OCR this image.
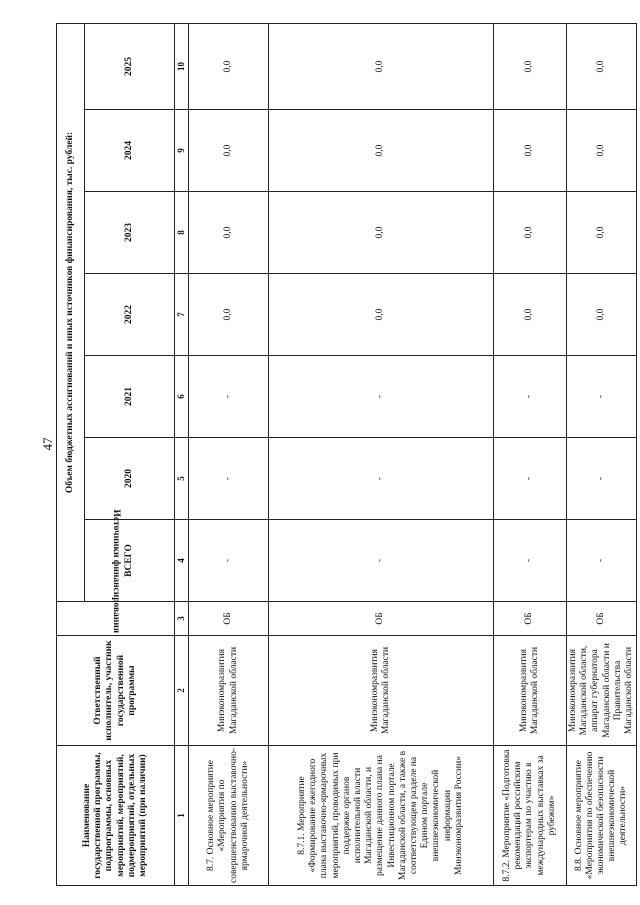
47
Наименование государственной программы, подпрограммы, основных мероприятий, мероприятий, подмероприятий, отдельных мероприятий (при наличии)	Ответственный исполнитель, участник государственной программы	Источники финансирования	Объем бюджетных ассигнований и иных источников финансирования, тыс. рублей:						
			ВСЕГО	2020	2021	2022	2023	2024	2025
1	2	3	4	5	6	7	8	9	10
8.7. Основное мероприятие «Мероприятия по совершенствованию выставочно-ярмарочной деятельности»	Минэкономразвития Магаданской области	ОБ	-	-	-	0,0	0,0	0,0	0,0
8.7.1. Мероприятие «Формирование ежегодного плана выставочно-ярмарочных мероприятий, проводимых при поддержке органов исполнительной власти Магаданской области, и размещение данного плана на Инвестиционном портале Магаданской области, а также в соответствующем разделе на Едином портале внешнеэкономической информации Минэкономразвития России»	Минэкономразвития Магаданской области	ОБ	-	-	-	0,0	0,0	0,0	0,0
8.7.2. Мероприятие «Подготовка рекомендаций российским экспортерам по участию в международных выставках за рубежом»	Минэкономразвития Магаданской области	ОБ	-	-	-	0,0	0,0	0,0	0,0
8.8. Основное мероприятие «Мероприятия по обеспечению экономической безопасности внешнеэкономической деятельности»	Минэкономразвития Магаданской области, аппарат губернатора Магаданской области и Правительства Магаданской области	ОБ	-	-	-	0,0	0,0	0,0	0,0
